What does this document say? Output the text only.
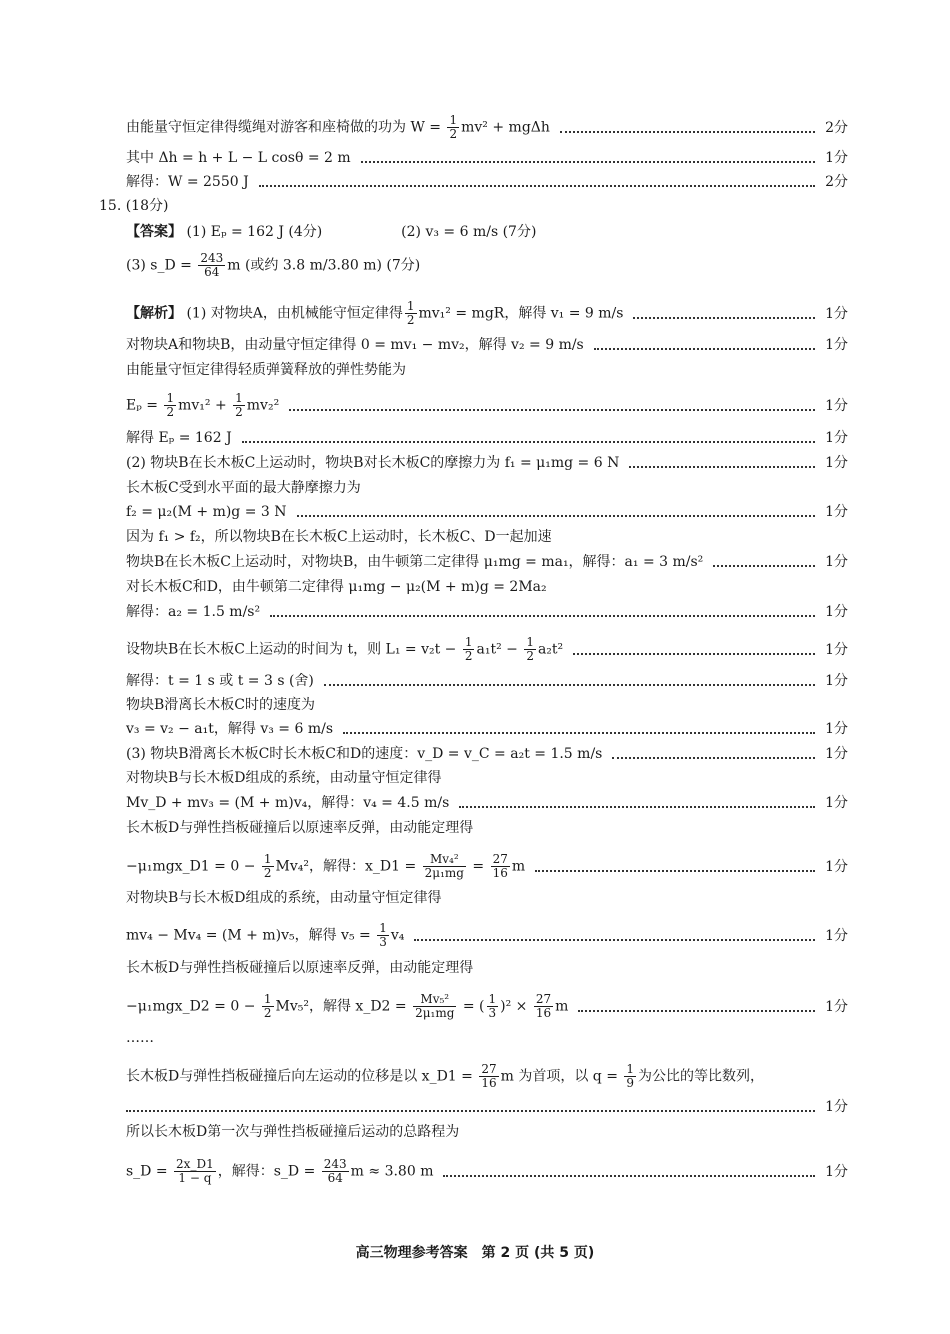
由能量守恒定律得缆绳对游客和座椅做的功为 $W = \frac{1}{2} mv^2 + mg\Delta h$	2分
其中 Δh = h + L − L cosθ = 2 m	1分
解得：W = 2550 J	2分
15. (18分)
【答案】 (1) Eₚ = 162 J (4分)	(2) v₃ = 6 m/s (7分)
(3) s_D = $\frac{243}{64}$ m (或约 3.8 m/3.80 m) (7分)
【解析】 (1) 对物块A，由机械能守恒定律得 $\frac{1}{2} mv_1^2$ = mgR，解得 v₁ = 9 m/s	1分
对物块A和物块B，由动量守恒定律得 0 = mv₁ − mv₂，解得 v₂ = 9 m/s	1分
由能量守恒定律得轻质弹簧释放的弹性势能为
$E_p = \frac{1}{2} mv_1^2 + \frac{1}{2} mv_2^2$	1分
解得 Eₚ = 162 J	1分
(2) 物块B在长木板C上运动时，物块B对长木板C的摩擦力为 f₁ = μ₁mg = 6 N	1分
长木板C受到水平面的最大静摩擦力为
f₂ = μ₂(M + m)g = 3 N	1分
因为 f₁ > f₂，所以物块B在长木板C上运动时，长木板C、D一起加速
物块B在长木板C上运动时，对物块B，由牛顿第二定律得 μ₁mg = ma₁，解得：a₁ = 3 m/s²	1分
对长木板C和D，由牛顿第二定律得 μ₁mg − μ₂(M + m)g = 2Ma₂
解得：a₂ = 1.5 m/s²	1分
设物块B在长木板C上运动的时间为 t，则 $L_1 = v_2t - \frac{1}{2} a_1t^2 - \frac{1}{2} a_2t^2$	1分
解得：t = 1 s 或 t = 3 s (舍)	1分
物块B滑离长木板C时的速度为
v₃ = v₂ − a₁t，解得 v₃ = 6 m/s	1分
(3) 物块B滑离长木板C时长木板C和D的速度：v_D = v_C = a₂t = 1.5 m/s	1分
对物块B与长木板D组成的系统，由动量守恒定律得
Mv_D + mv₃ = (M + m)v₄，解得：v₄ = 4.5 m/s	1分
长木板D与弹性挡板碰撞后以原速率反弹，由动能定理得
−μ₁mgx_D1 = $0 - \frac{1}{2} Mv_4^2$，解得：x_D1 = $\frac{\text{Mv₄²}}{\text{2μ₁mg}} = \frac{27}{16}$ m	1分
对物块B与长木板D组成的系统，由动量守恒定律得
mv₄ − Mv₄ = (M + m)v₅，解得 $v_5 = \frac{1}{3} v_4$	1分
长木板D与弹性挡板碰撞后以原速率反弹，由动能定理得
−μ₁mgx_D2 = $0 - \frac{1}{2} Mv_5^2$，解得 x_D2 = $\frac{\text{Mv₅²}}{\text{2μ₁mg}}$ = ( $\frac{1}{3} )^2 \times \frac{27}{16}$ m	1分
……
长木板D与弹性挡板碰撞后向左运动的位移是以 x_D1 = $\frac{27}{16}$ m 为首项，以 $q = \frac{1}{9}$ 为公比的等比数列，
1分
所以长木板D第一次与弹性挡板碰撞后运动的总路程为
s_D = $\frac{2x\_D1}{1 - q}$ ，解得：s_D = $\frac{243}{64}$ m ≈ 3.80 m	1分
高三物理参考答案　第 2 页 (共 5 页)
